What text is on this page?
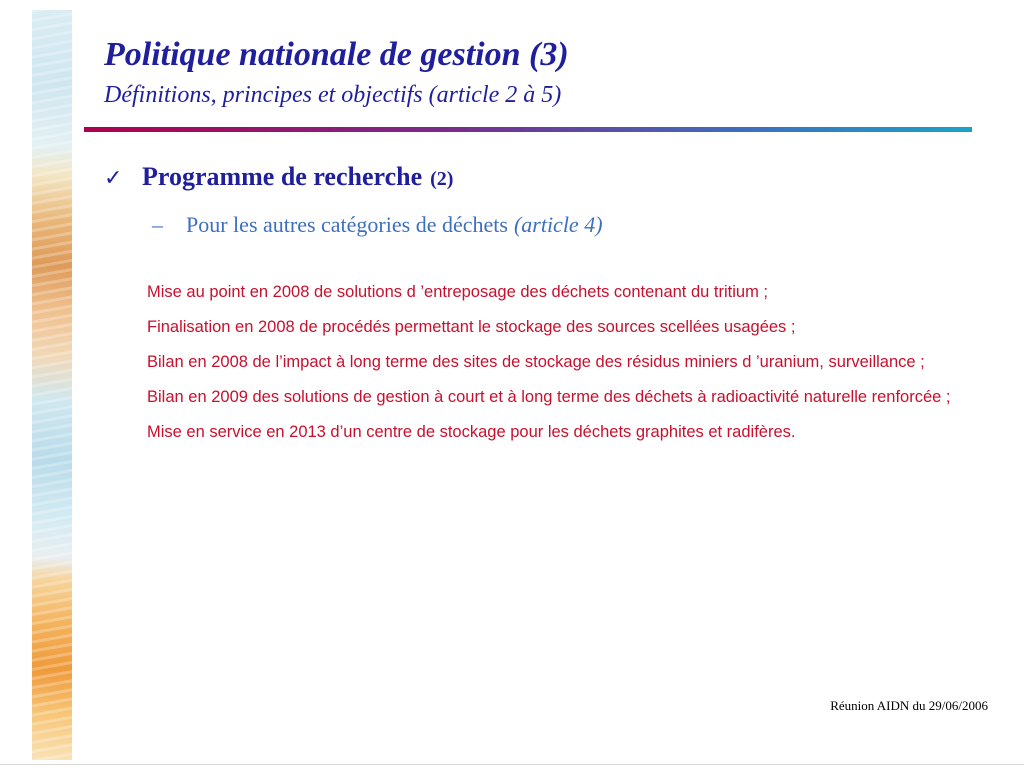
Politique nationale de gestion (3)
Définitions, principes et objectifs (article 2 à 5)
✓ Programme de recherche (2)
–	Pour les autres catégories de déchets (article 4)

Mise au point en 2008 de solutions d ’entreposage des déchets contenant du tritium ;

Finalisation en 2008 de procédés permettant le stockage des sources scellées usagées ;

Bilan en 2008 de l’impact à long terme des sites de stockage des résidus miniers d ’uranium, surveillance ;

Bilan en 2009 des solutions de gestion à court et à long terme des déchets à radioactivité naturelle renforcée ;

Mise en service en 2013 d’un centre de stockage pour les déchets graphites et radifères.

Réunion AIDN du 29/06/2006
